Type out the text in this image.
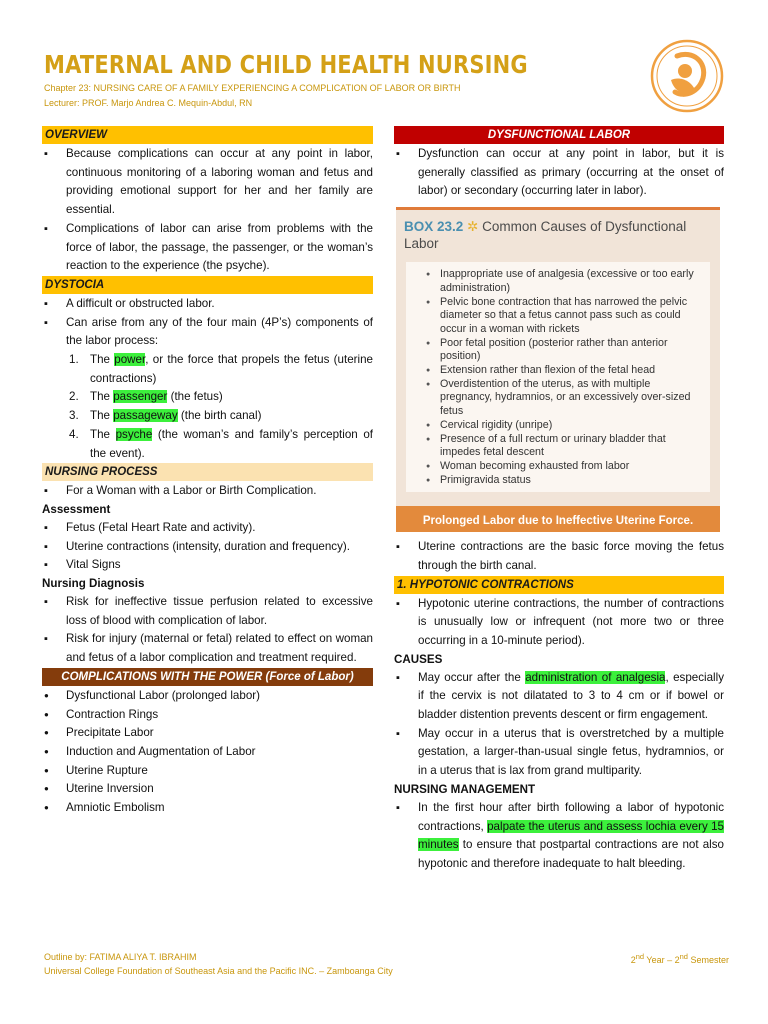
MATERNAL AND CHILD HEALTH NURSING
Chapter 23: NURSING CARE OF A FAMILY EXPERIENCING A COMPLICATION OF LABOR OR BIRTH
Lecturer: PROF. Marjo Andrea C. Mequin-Abdul, RN
OVERVIEW
▪ Because complications can occur at any point in labor, continuous monitoring of a laboring woman and fetus and providing emotional support for her and her family are essential.
▪ Complications of labor can arise from problems with the force of labor, the passage, the passenger, or the woman’s reaction to the experience (the psyche).
DYSTOCIA
▪ A difficult or obstructed labor.
▪ Can arise from any of the four main (4P’s) components of the labor process:
1. The power, or the force that propels the fetus (uterine contractions)
2. The passenger (the fetus)
3. The passageway (the birth canal)
4. The psyche (the woman’s and family’s perception of the event).
NURSING PROCESS
▪ For a Woman with a Labor or Birth Complication.
Assessment
▪ Fetus (Fetal Heart Rate and activity).
▪ Uterine contractions (intensity, duration and frequency).
▪ Vital Signs
Nursing Diagnosis
▪ Risk for ineffective tissue perfusion related to excessive loss of blood with complication of labor.
▪ Risk for injury (maternal or fetal) related to effect on woman and fetus of a labor complication and treatment required.
COMPLICATIONS WITH THE POWER (Force of Labor)
● Dysfunctional Labor (prolonged labor)
● Contraction Rings
● Precipitate Labor
● Induction and Augmentation of Labor
● Uterine Rupture
● Uterine Inversion
● Amniotic Embolism
DYSFUNCTIONAL LABOR
▪ Dysfunction can occur at any point in labor, but it is generally classified as primary (occurring at the onset of labor) or secondary (occurring later in labor).
BOX 23.2 ✲ Common Causes of Dysfunctional Labor
● Inappropriate use of analgesia (excessive or too early administration)
● Pelvic bone contraction that has narrowed the pelvic diameter so that a fetus cannot pass such as could occur in a woman with rickets
● Poor fetal position (posterior rather than anterior position)
● Extension rather than flexion of the fetal head
● Overdistention of the uterus, as with multiple pregnancy, hydramnios, or an excessively over-sized fetus
● Cervical rigidity (unripe)
● Presence of a full rectum or urinary bladder that impedes fetal descent
● Woman becoming exhausted from labor
● Primigravida status
Prolonged Labor due to Ineffective Uterine Force.
▪ Uterine contractions are the basic force moving the fetus through the birth canal.
1. HYPOTONIC CONTRACTIONS
▪ Hypotonic uterine contractions, the number of contractions is unusually low or infrequent (not more two or three occurring in a 10-minute period).
CAUSES
▪ May occur after the administration of analgesia, especially if the cervix is not dilatated to 3 to 4 cm or if bowel or bladder distention prevents descent or firm engagement.
▪ May occur in a uterus that is overstretched by a multiple gestation, a larger-than-usual single fetus, hydramnios, or in a uterus that is lax from grand multiparity.
NURSING MANAGEMENT
▪ In the first hour after birth following a labor of hypotonic contractions, palpate the uterus and assess lochia every 15 minutes to ensure that postpartal contractions are not also hypotonic and therefore inadequate to halt bleeding.
Outline by: FATIMA ALIYA T. IBRAHIM
Universal College Foundation of Southeast Asia and the Pacific INC. – Zamboanga City
2nd Year – 2nd Semester
